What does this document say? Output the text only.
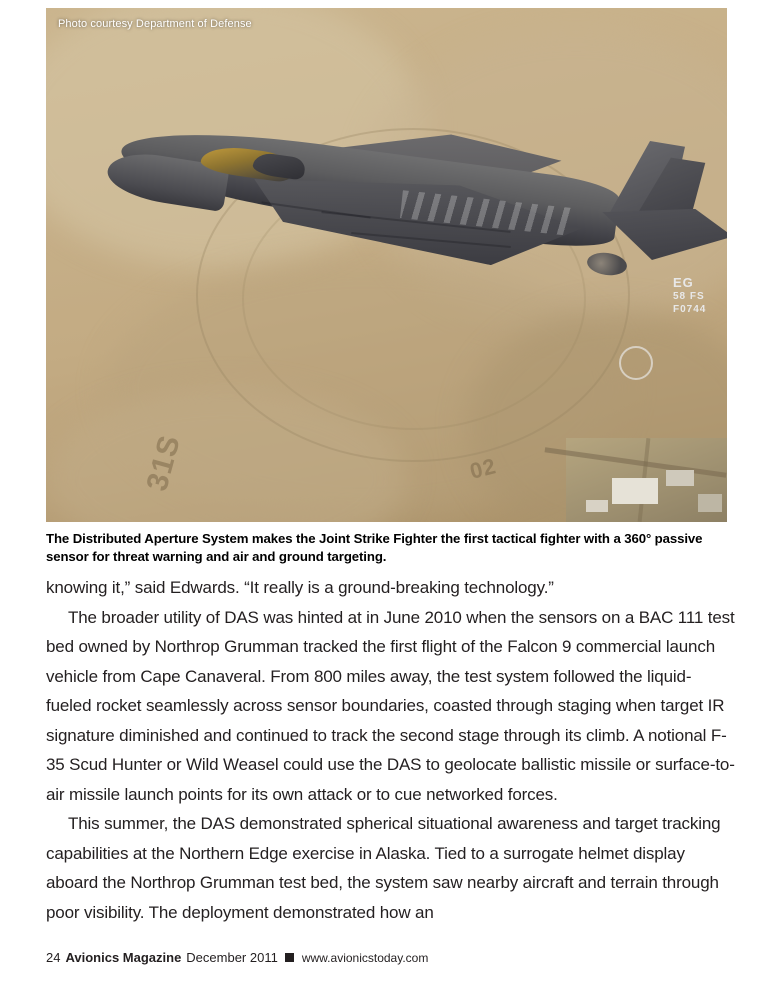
31S	02
EG
58 FS
F0744
Photo courtesy Department of Defense
The Distributed Aperture System makes the Joint Strike Fighter the first tactical fighter with a 360° passive sensor for threat warning and air and ground targeting.

knowing it,” said Edwards. “It really is a ground-breaking technology.”

The broader utility of DAS was hinted at in June 2010 when the sensors on a BAC 111 test bed owned by Northrop Grumman tracked the first flight of the Falcon 9 commercial launch vehicle from Cape Canaveral. From 800 miles away, the test system followed the liquid-fueled rocket seamlessly across sensor boundaries, coasted through staging when target IR signature diminished and continued to track the second stage through its climb. A notional F-35 Scud Hunter or Wild Weasel could use the DAS to geolocate ballistic missile or surface-to-air missile launch points for its own attack or to cue networked forces.

This summer, the DAS demonstrated spherical situational awareness and target tracking capabilities at the Northern Edge exercise in Alaska. Tied to a surrogate helmet display aboard the Northrop Grumman test bed, the system saw nearby aircraft and terrain through poor visibility. The deployment demonstrated how an

24 Avionics Magazine December 2011 www.avionicstoday.com
